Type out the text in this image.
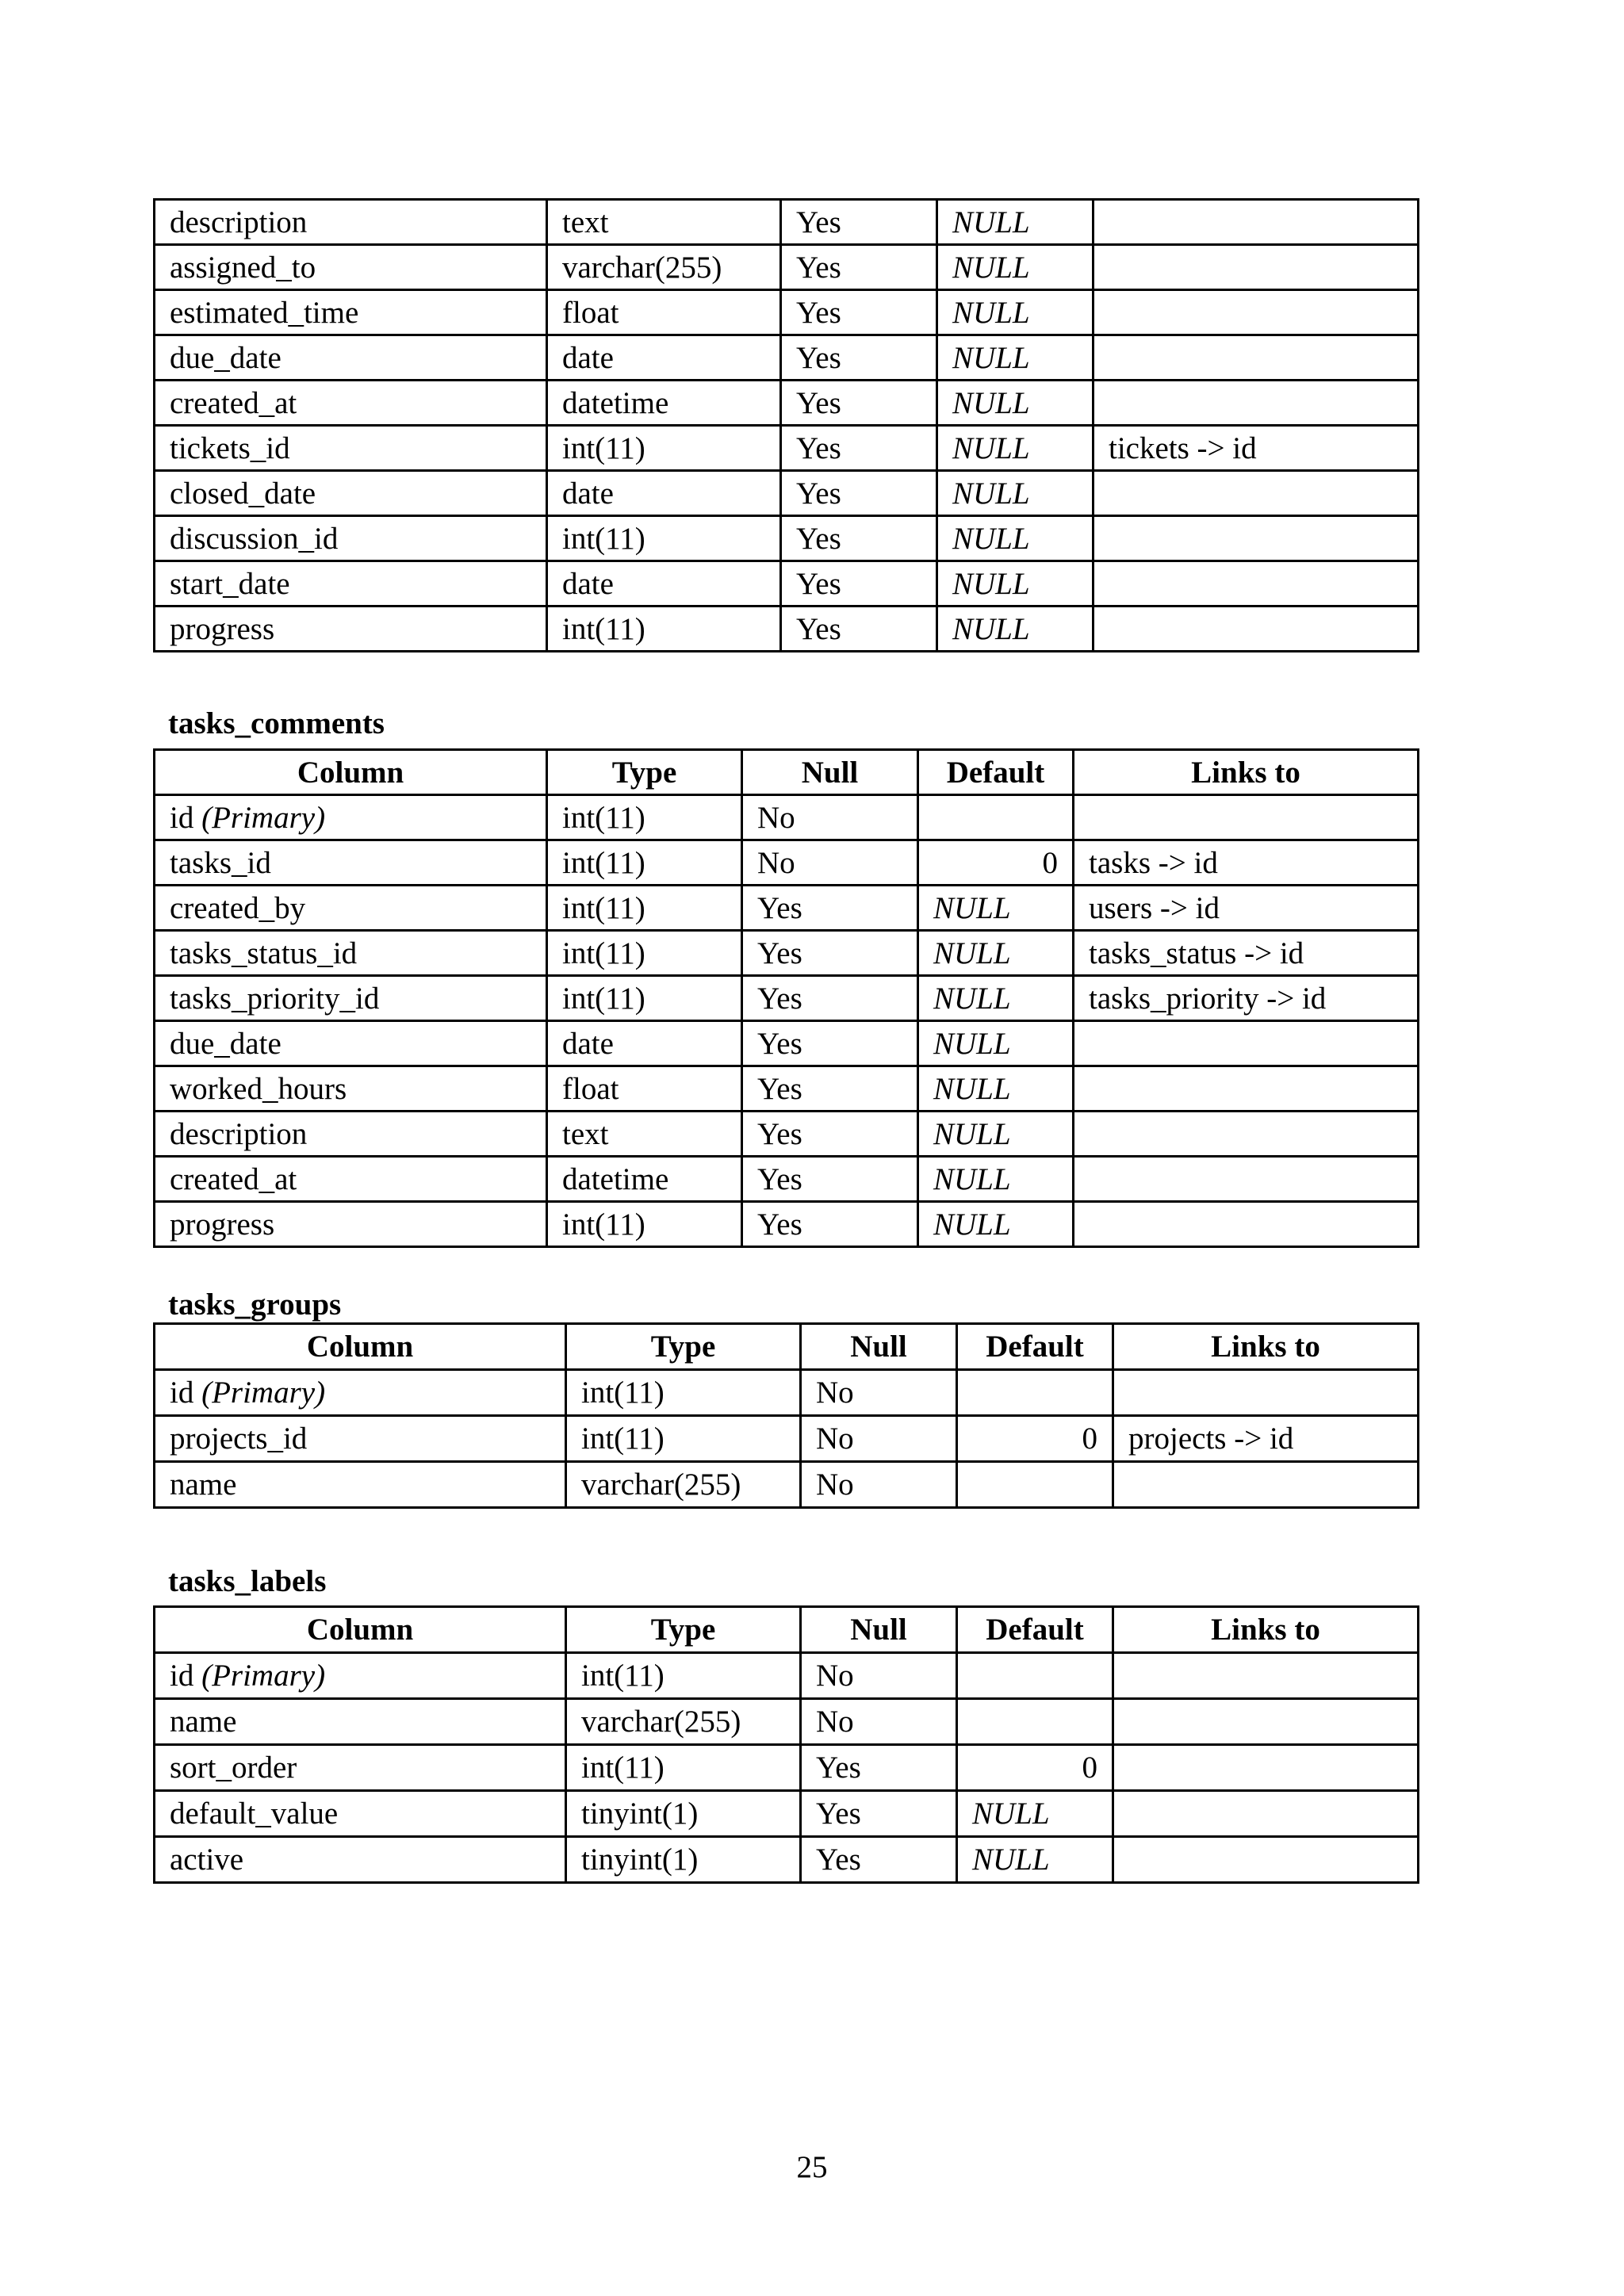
description	text	Yes	NULL	
assigned_to	varchar(255)	Yes	NULL	
estimated_time	float	Yes	NULL	
due_date	date	Yes	NULL	
created_at	datetime	Yes	NULL	
tickets_id	int(11)	Yes	NULL	tickets -> id
closed_date	date	Yes	NULL	
discussion_id	int(11)	Yes	NULL	
start_date	date	Yes	NULL	
progress	int(11)	Yes	NULL	
tasks_comments
Column	Type	Null	Default	Links to
id (Primary)	int(11)	No		
tasks_id	int(11)	No	0	tasks -> id
created_by	int(11)	Yes	NULL	users -> id
tasks_status_id	int(11)	Yes	NULL	tasks_status -> id
tasks_priority_id	int(11)	Yes	NULL	tasks_priority -> id
due_date	date	Yes	NULL	
worked_hours	float	Yes	NULL	
description	text	Yes	NULL	
created_at	datetime	Yes	NULL	
progress	int(11)	Yes	NULL	
tasks_groups
Column	Type	Null	Default	Links to
id (Primary)	int(11)	No		
projects_id	int(11)	No	0	projects -> id
name	varchar(255)	No		
tasks_labels
Column	Type	Null	Default	Links to
id (Primary)	int(11)	No		
name	varchar(255)	No		
sort_order	int(11)	Yes	0	
default_value	tinyint(1)	Yes	NULL	
active	tinyint(1)	Yes	NULL	
25
